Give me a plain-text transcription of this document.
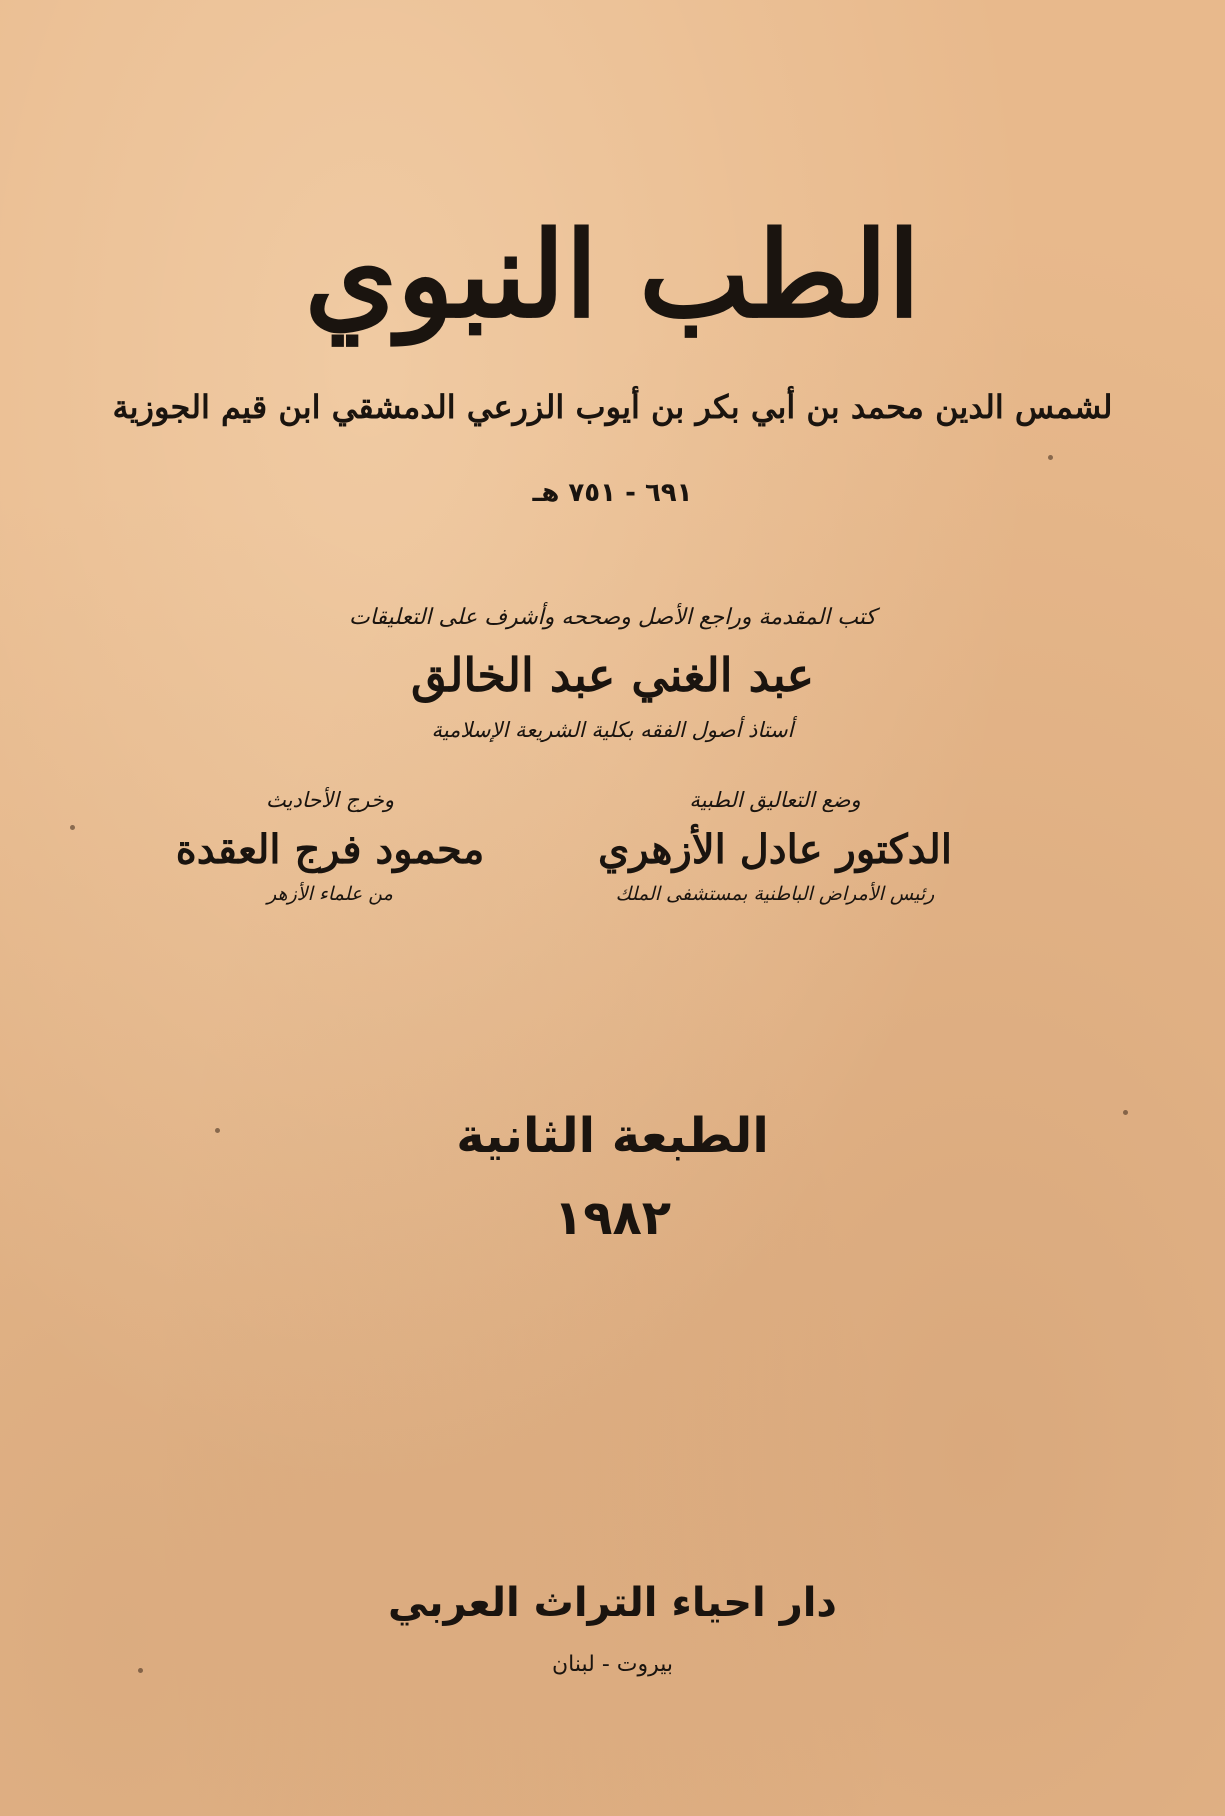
الطب النبوي
لشمس الدين محمد بن أبي بكر بن أيوب الزرعي الدمشقي ابن قيم الجوزية
٦٩١ - ٧٥١ هـ
كتب المقدمة وراجع الأصل وصححه وأشرف على التعليقات
عبد الغني عبد الخالق
أستاذ أصول الفقه بكلية الشريعة الإسلامية
وضع التعاليق الطبية
الدكتور عادل الأزهري
رئيس الأمراض الباطنية بمستشفى الملك
وخرج الأحاديث
محمود فرج العقدة
من علماء الأزهر
الطبعة الثانية
١٩٨٢
دار احياء التراث العربي
بيروت - لبنان
